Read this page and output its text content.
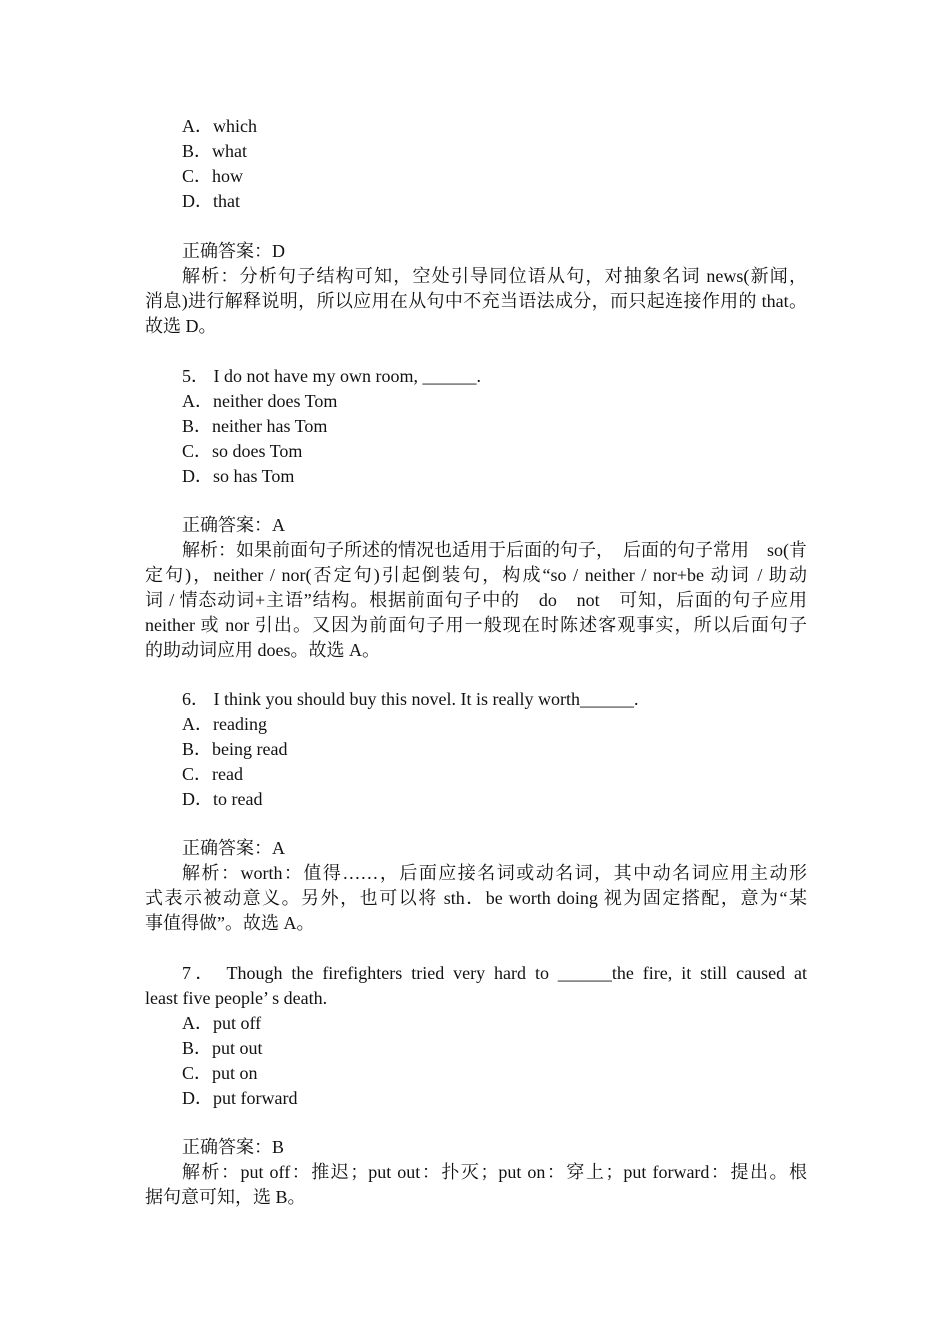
A．which
B．what
C．how
D．that
正确答案：D
解析：分析句子结构可知，空处引导同位语从句，对抽象名词 news(新闻，
消息)进行解释说明，所以应用在从句中不充当语法成分，而只起连接作用的 that。
故选 D。
5． I do not have my own room, ______.
A．neither does Tom
B．neither has Tom
C．so does Tom
D．so has Tom
正确答案：A
解析：如果前面句子所述的情况也适用于后面的句子，　后面的句子常用　so(肯
定句)，neither / nor(否定句)引起倒装句，构成“so / neither / nor+be 动词 / 助动
词 / 情态动词+主语”结构。根据前面句子中的　do　not　可知，后面的句子应用
neither 或 nor 引出。又因为前面句子用一般现在时陈述客观事实，所以后面句子
的助动词应用 does。故选 A。
6． I think you should buy this novel. It is really worth______.
A．reading
B．being read
C．read
D．to read
正确答案：A
解析：worth：值得……，后面应接名词或动名词，其中动名词应用主动形
式表示被动意义。另外，也可以将 sth．be worth doing 视为固定搭配，意为“某
事值得做”。故选 A。
7． Though the firefighters tried very hard to ______the fire, it still caused at
least five people’ s death.
A．put off
B．put out
C．put on
D．put forward
正确答案：B
解析：put off：推迟；put out：扑灭；put on：穿上；put forward：提出。根
据句意可知，选 B。
